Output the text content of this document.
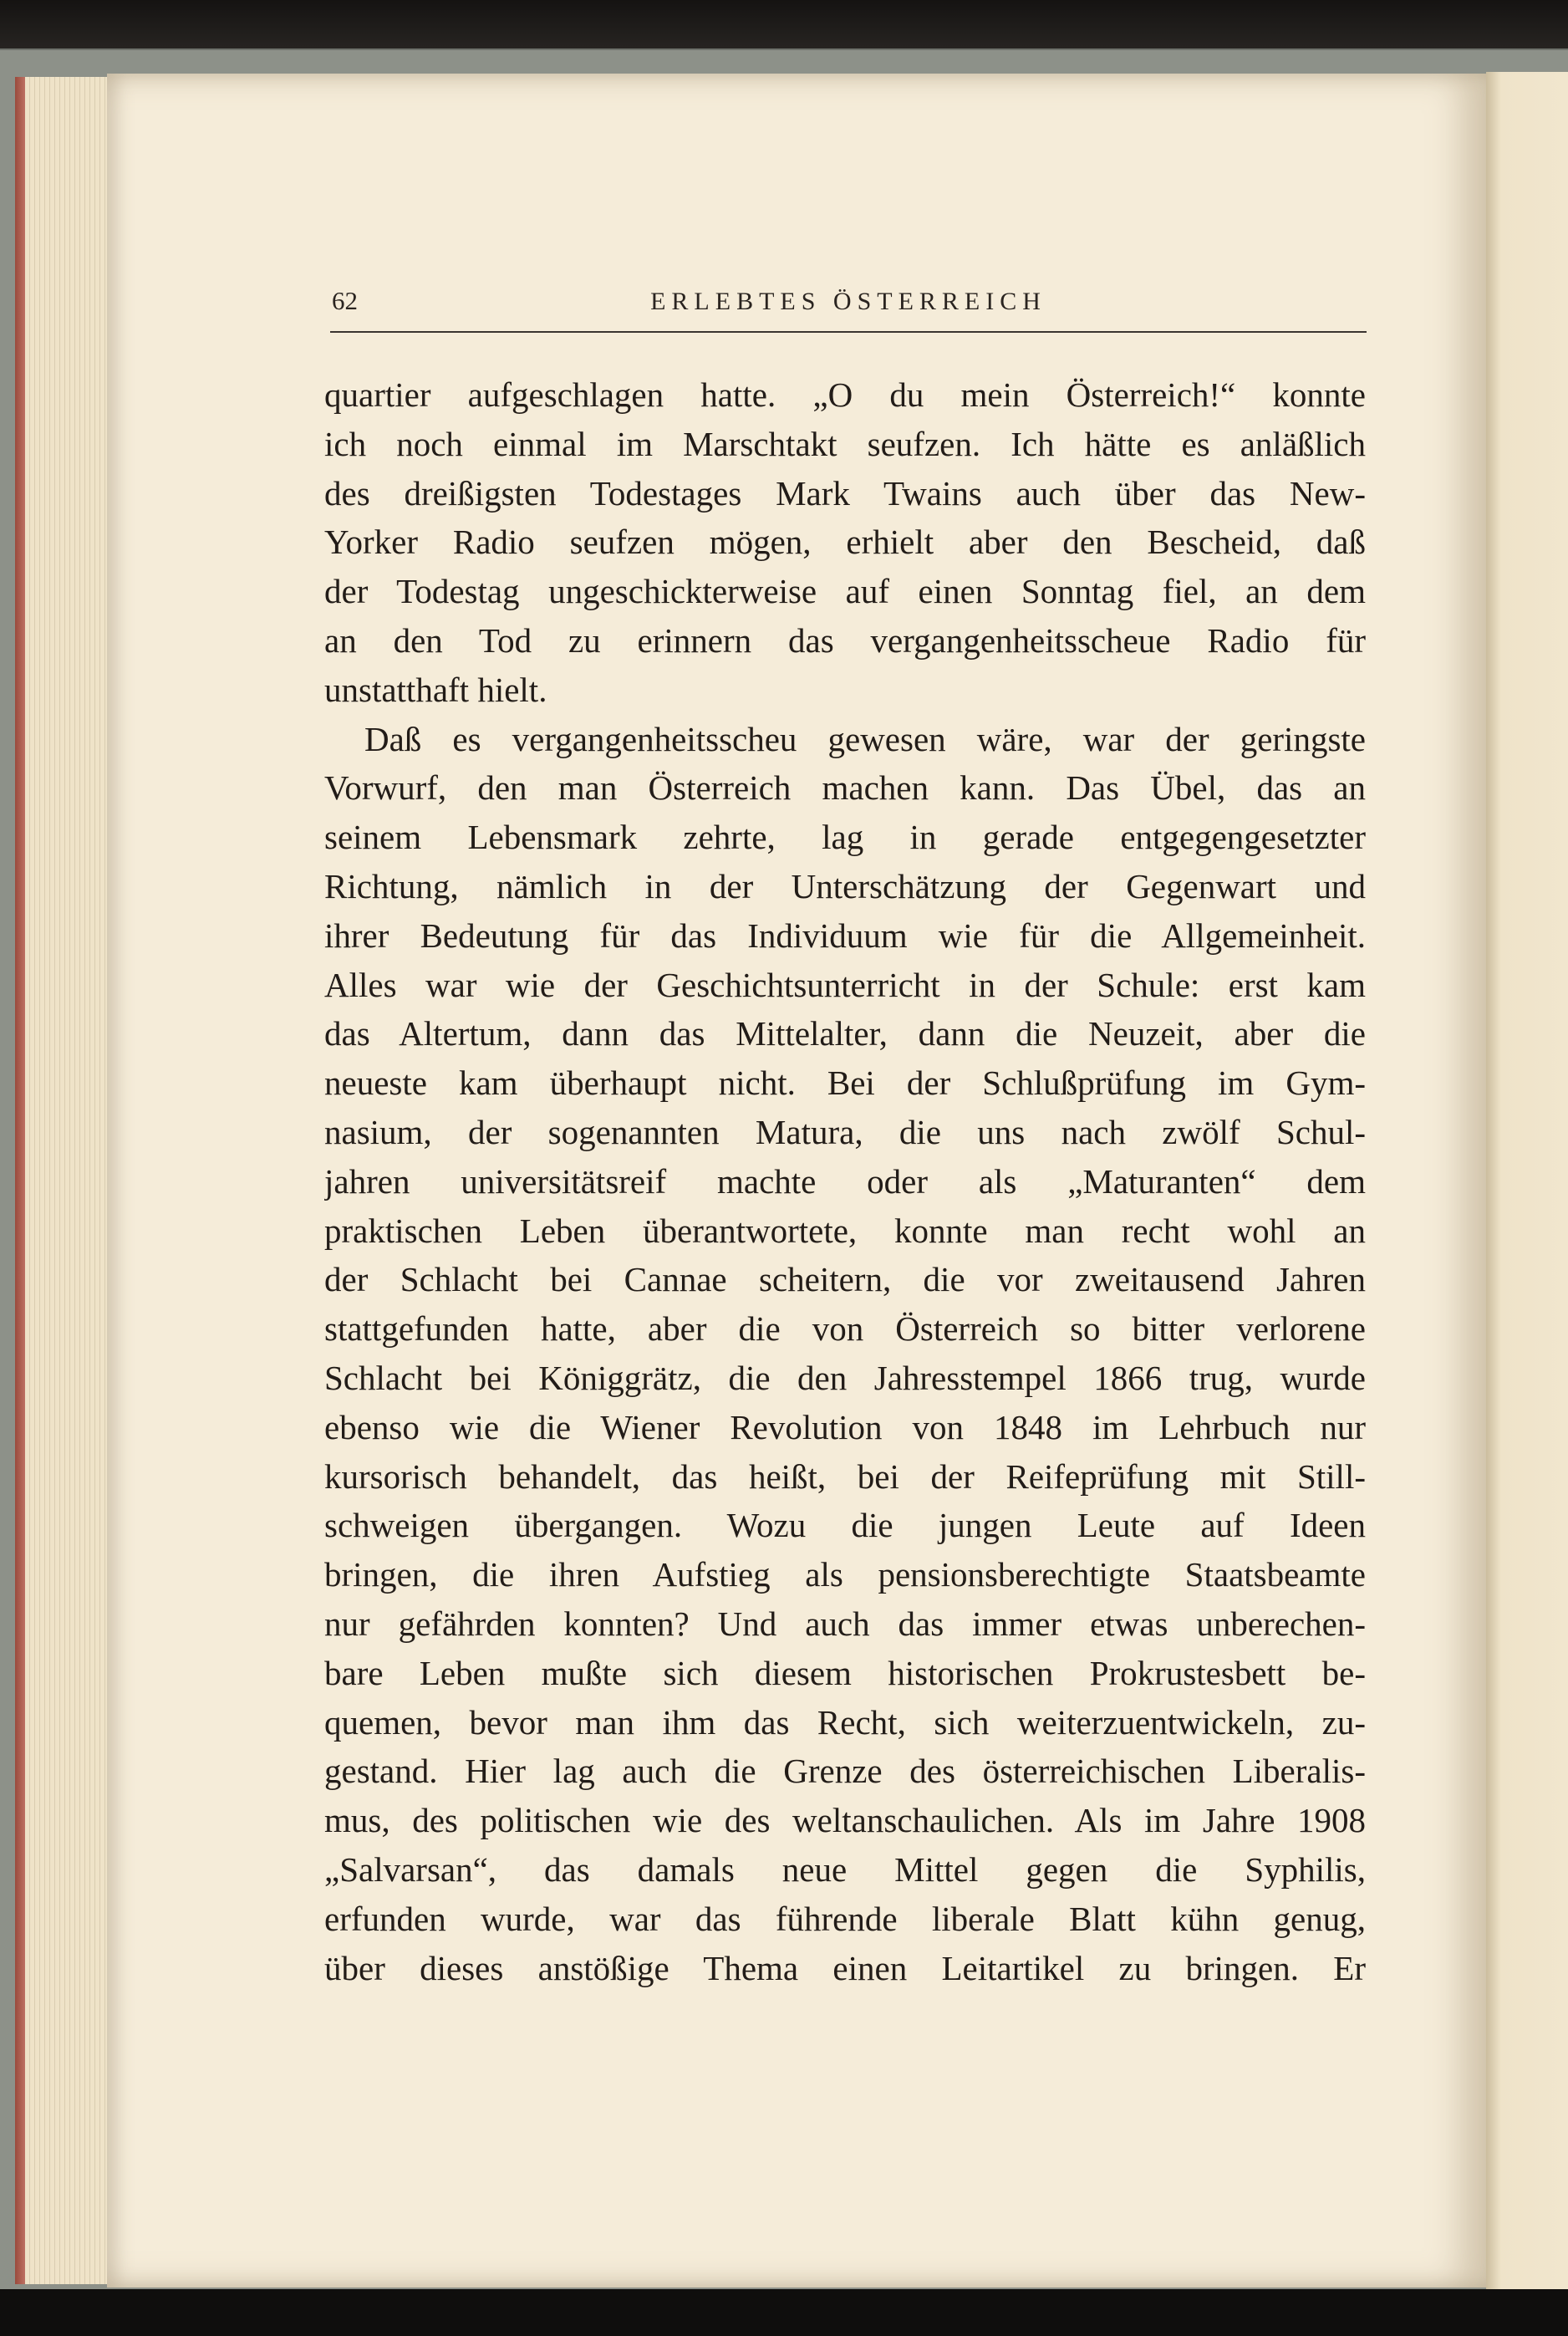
62	ERLEBTES ÖSTERREICH

quartier aufgeschlagen hatte. „O du mein Österreich!“ konnte
ich noch einmal im Marschtakt seufzen. Ich hätte es anläßlich
des dreißigsten Todestages Mark Twains auch über das New-
Yorker Radio seufzen mögen, erhielt aber den Bescheid, daß
der Todestag ungeschickterweise auf einen Sonntag fiel, an dem
an den Tod zu erinnern das vergangenheitsscheue Radio für
unstatthaft hielt.

Daß es vergangenheitsscheu gewesen wäre, war der geringste
Vorwurf, den man Österreich machen kann. Das Übel, das an
seinem Lebensmark zehrte, lag in gerade entgegengesetzter
Richtung, nämlich in der Unterschätzung der Gegenwart und
ihrer Bedeutung für das Individuum wie für die Allgemeinheit.
Alles war wie der Geschichtsunterricht in der Schule: erst kam
das Altertum, dann das Mittelalter, dann die Neuzeit, aber die
neueste kam überhaupt nicht. Bei der Schlußprüfung im Gym-
nasium, der sogenannten Matura, die uns nach zwölf Schul-
jahren universitätsreif machte oder als „Maturanten“ dem
praktischen Leben überantwortete, konnte man recht wohl an
der Schlacht bei Cannae scheitern, die vor zweitausend Jahren
stattgefunden hatte, aber die von Österreich so bitter verlorene
Schlacht bei Königgrätz, die den Jahresstempel 1866 trug, wurde
ebenso wie die Wiener Revolution von 1848 im Lehrbuch nur
kursorisch behandelt, das heißt, bei der Reifeprüfung mit Still-
schweigen übergangen. Wozu die jungen Leute auf Ideen
bringen, die ihren Aufstieg als pensionsberechtigte Staatsbeamte
nur gefährden konnten? Und auch das immer etwas unberechen-
bare Leben mußte sich diesem historischen Prokrustesbett be-
quemen, bevor man ihm das Recht, sich weiterzuentwickeln, zu-
gestand. Hier lag auch die Grenze des österreichischen Liberalis-
mus, des politischen wie des weltanschaulichen. Als im Jahre 1908
„Salvarsan“, das damals neue Mittel gegen die Syphilis,
erfunden wurde, war das führende liberale Blatt kühn genug,
über dieses anstößige Thema einen Leitartikel zu bringen. Er
